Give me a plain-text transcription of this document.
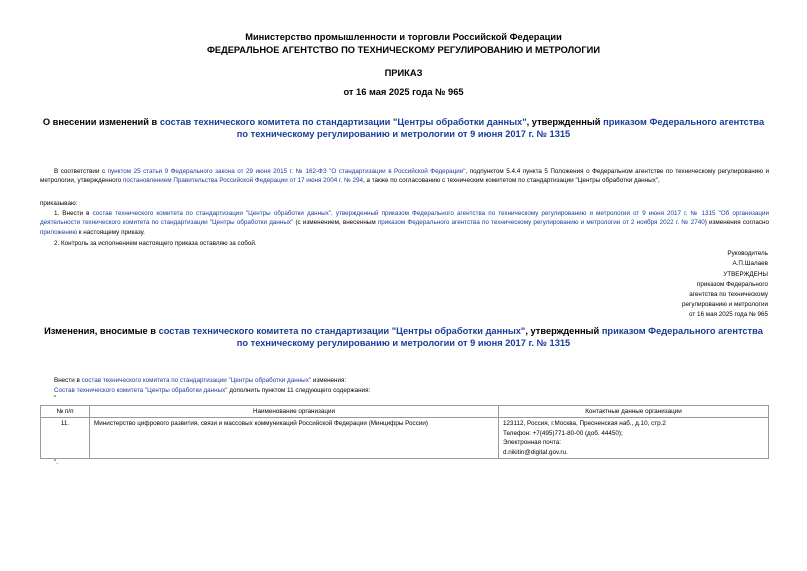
Министерство промышленности и торговли Российской Федерации
ФЕДЕРАЛЬНОЕ АГЕНТСТВО ПО ТЕХНИЧЕСКОМУ РЕГУЛИРОВАНИЮ И МЕТРОЛОГИИ
ПРИКАЗ
от 16 мая 2025 года № 965
О внесении изменений в состав технического комитета по стандартизации "Центры обработки данных", утвержденный приказом Федерального агентства по техническому регулированию и метрологии от 9 июня 2017 г. № 1315
В соответствии с пунктом 25 статьи 9 Федерального закона от 29 июня 2015 г. № 162-ФЗ "О стандартизации в Российской Федерации", подпунктом 5.4.4 пункта 5 Положения о Федеральном агентстве по техническому регулированию и метрологии, утвержденного постановлением Правительства Российской Федерации от 17 июня 2004 г. № 294, а также по согласованию с техническим комитетом по стандартизации "Центры обработки данных",
приказываю:
1. Внести в состав технического комитета по стандартизации "Центры обработки данных", утвержденный приказом Федерального агентства по техническому регулированию и метрологии от 9 июня 2017 г. № 1315 "Об организации деятельности технического комитета по стандартизации "Центры обработки данных" (с изменением, внесенным приказом Федерального агентства по техническому регулированию и метрологии от 2 ноября 2022 г. № 2740) изменения согласно приложению к настоящему приказу.
2. Контроль за исполнением настоящего приказа оставляю за собой.
Руководитель
А.П.Шалаев
УТВЕРЖДЕНЫ
приказом Федерального
агентства по техническому
регулированию и метрологии
от 16 мая 2025 года № 965
Изменения, вносимые в состав технического комитета по стандартизации "Центры обработки данных", утвержденный приказом Федерального агентства по техническому регулированию и метрологии от 9 июня 2017 г. № 1315
Внести в состав технического комитета по стандартизации "Центры обработки данных" изменения:
Состав технического комитета "Центры обработки данных" дополнить пунктом 11 следующего содержания:
"
№ п/п	Наименование организации	Контактные данные организации
11.	Министерство цифрового развития, связи и массовых коммуникаций Российской Федерации (Минцифры России)	123112, Россия, г.Москва, Пресненская наб., д.10, стр.2
Телефон: +7(495)771-80-00 (доб. 44450);
Электронная почта:
d.nikitin@digital.gov.ru.
".
